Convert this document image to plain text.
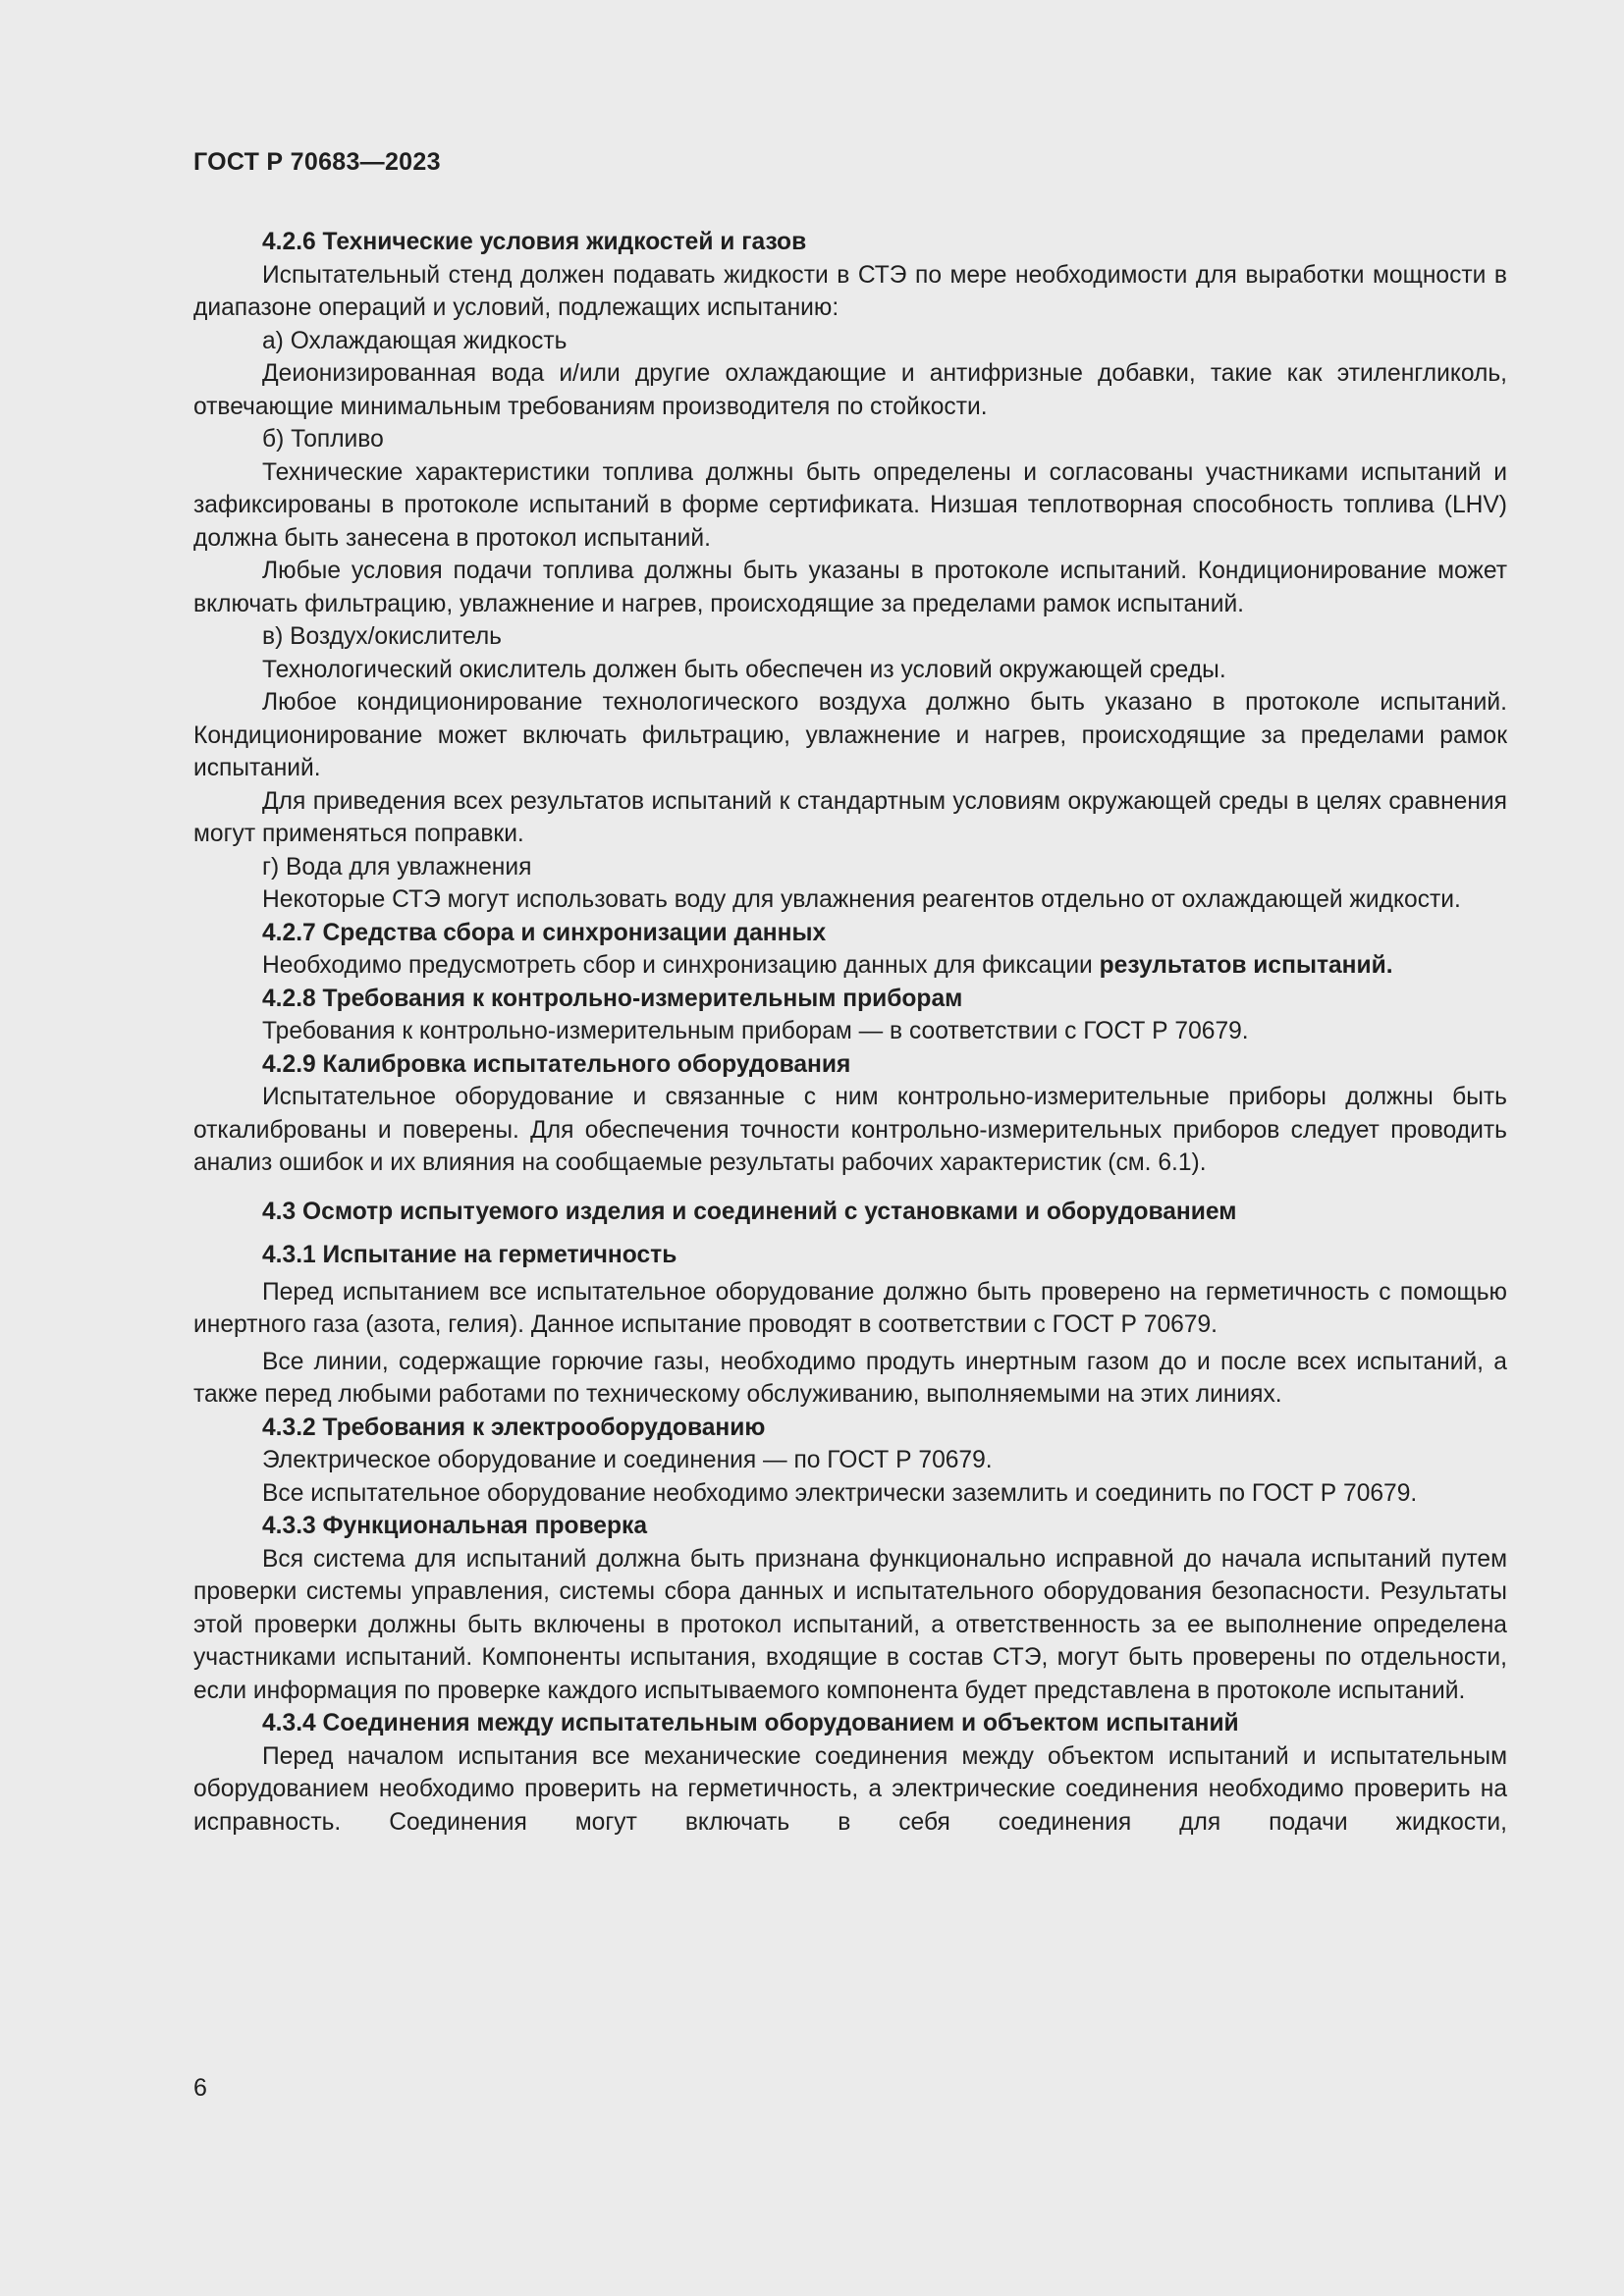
ГОСТ Р 70683—2023

4.2.6 Технические условия жидкостей и газов

Испытательный стенд должен подавать жидкости в СТЭ по мере необходимости для выработки мощности в диапазоне операций и условий, подлежащих испытанию:

а) Охлаждающая жидкость

Деионизированная вода и/или другие охлаждающие и антифризные добавки, такие как этиленгликоль, отвечающие минимальным требованиям производителя по стойкости.

б) Топливо

Технические характеристики топлива должны быть определены и согласованы участниками испытаний и зафиксированы в протоколе испытаний в форме сертификата. Низшая теплотворная способность топлива (LHV) должна быть занесена в протокол испытаний.

Любые условия подачи топлива должны быть указаны в протоколе испытаний. Кондиционирование может включать фильтрацию, увлажнение и нагрев, происходящие за пределами рамок испытаний.

в) Воздух/окислитель

Технологический окислитель должен быть обеспечен из условий окружающей среды.

Любое кондиционирование технологического воздуха должно быть указано в протоколе испытаний. Кондиционирование может включать фильтрацию, увлажнение и нагрев, происходящие за пределами рамок испытаний.

Для приведения всех результатов испытаний к стандартным условиям окружающей среды в целях сравнения могут применяться поправки.

г) Вода для увлажнения

Некоторые СТЭ могут использовать воду для увлажнения реагентов отдельно от охлаждающей жидкости.

4.2.7 Средства сбора и синхронизации данных

Необходимо предусмотреть сбор и синхронизацию данных для фиксации результатов испытаний.

4.2.8 Требования к контрольно-измерительным приборам

Требования к контрольно-измерительным приборам — в соответствии с ГОСТ Р 70679.

4.2.9 Калибровка испытательного оборудования

Испытательное оборудование и связанные с ним контрольно-измерительные приборы должны быть откалиброваны и поверены. Для обеспечения точности контрольно-измерительных приборов следует проводить анализ ошибок и их влияния на сообщаемые результаты рабочих характеристик (см. 6.1).

4.3 Осмотр испытуемого изделия и соединений с установками и оборудованием

4.3.1 Испытание на герметичность

Перед испытанием все испытательное оборудование должно быть проверено на герметичность с помощью инертного газа (азота, гелия). Данное испытание проводят в соответствии с ГОСТ Р 70679.

Все линии, содержащие горючие газы, необходимо продуть инертным газом до и после всех испытаний, а также перед любыми работами по техническому обслуживанию, выполняемыми на этих линиях.

4.3.2 Требования к электрооборудованию

Электрическое оборудование и соединения — по ГОСТ Р 70679.

Все испытательное оборудование необходимо электрически заземлить и соединить по ГОСТ Р 70679.

4.3.3 Функциональная проверка

Вся система для испытаний должна быть признана функционально исправной до начала испытаний путем проверки системы управления, системы сбора данных и испытательного оборудования безопасности. Результаты этой проверки должны быть включены в протокол испытаний, а ответственность за ее выполнение определена участниками испытаний. Компоненты испытания, входящие в состав СТЭ, могут быть проверены по отдельности, если информация по проверке каждого испытываемого компонента будет представлена в протоколе испытаний.

4.3.4 Соединения между испытательным оборудованием и объектом испытаний

Перед началом испытания все механические соединения между объектом испытаний и испытательным оборудованием необходимо проверить на герметичность, а электрические соединения необходимо проверить на исправность. Соединения могут включать в себя соединения для подачи жидкости,

6
